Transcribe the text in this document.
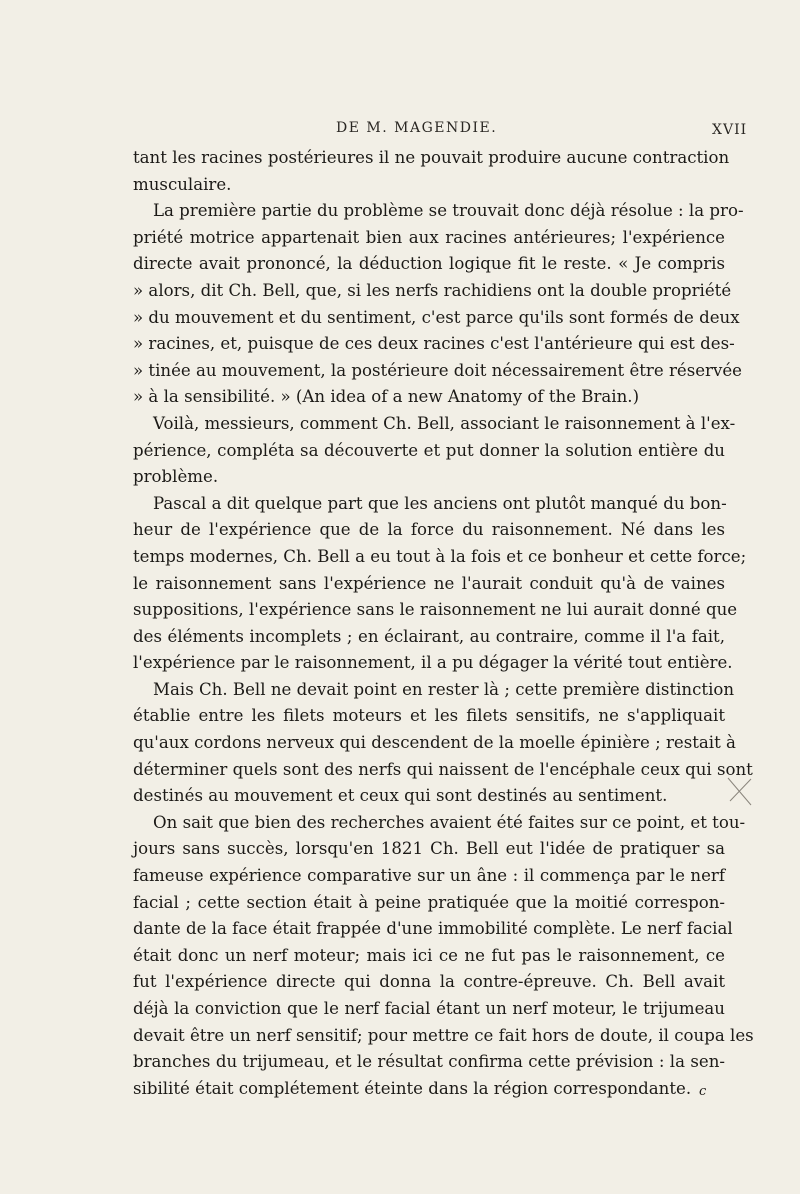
DE M. MAGENDIE.	XVII
tant les racines postérieures il ne pouvait produire aucune contraction
musculaire.
La première partie du problème se trouvait donc déjà résolue : la pro-
priété motrice appartenait bien aux racines antérieures; l'expérience
directe avait prononcé, la déduction logique fit le reste. « Je compris
» alors, dit Ch. Bell, que, si les nerfs rachidiens ont la double propriété
» du mouvement et du sentiment, c'est parce qu'ils sont formés de deux
» racines, et, puisque de ces deux racines c'est l'antérieure qui est des-
» tinée au mouvement, la postérieure doit nécessairement être réservée
» à la sensibilité. » (An idea of a new Anatomy of the Brain.)
Voilà, messieurs, comment Ch. Bell, associant le raisonnement à l'ex-
périence, compléta sa découverte et put donner la solution entière du
problème.
Pascal a dit quelque part que les anciens ont plutôt manqué du bon-
heur de l'expérience que de la force du raisonnement. Né dans les
temps modernes, Ch. Bell a eu tout à la fois et ce bonheur et cette force;
le raisonnement sans l'expérience ne l'aurait conduit qu'à de vaines
suppositions, l'expérience sans le raisonnement ne lui aurait donné que
des éléments incomplets ; en éclairant, au contraire, comme il l'a fait,
l'expérience par le raisonnement, il a pu dégager la vérité tout entière.
Mais Ch. Bell ne devait point en rester là ; cette première distinction
établie entre les filets moteurs et les filets sensitifs, ne s'appliquait
qu'aux cordons nerveux qui descendent de la moelle épinière ; restait à
déterminer quels sont des nerfs qui naissent de l'encéphale ceux qui sont
destinés au mouvement et ceux qui sont destinés au sentiment.
On sait que bien des recherches avaient été faites sur ce point, et tou-
jours sans succès, lorsqu'en 1821 Ch. Bell eut l'idée de pratiquer sa
fameuse expérience comparative sur un âne : il commença par le nerf
facial ; cette section était à peine pratiquée que la moitié correspon-
dante de la face était frappée d'une immobilité complète. Le nerf facial
était donc un nerf moteur; mais ici ce ne fut pas le raisonnement, ce
fut l'expérience directe qui donna la contre-épreuve. Ch. Bell avait
déjà la conviction que le nerf facial étant un nerf moteur, le trijumeau
devait être un nerf sensitif; pour mettre ce fait hors de doute, il coupa les
branches du trijumeau, et le résultat confirma cette prévision : la sen-
sibilité était complétement éteinte dans la région correspondante. c
